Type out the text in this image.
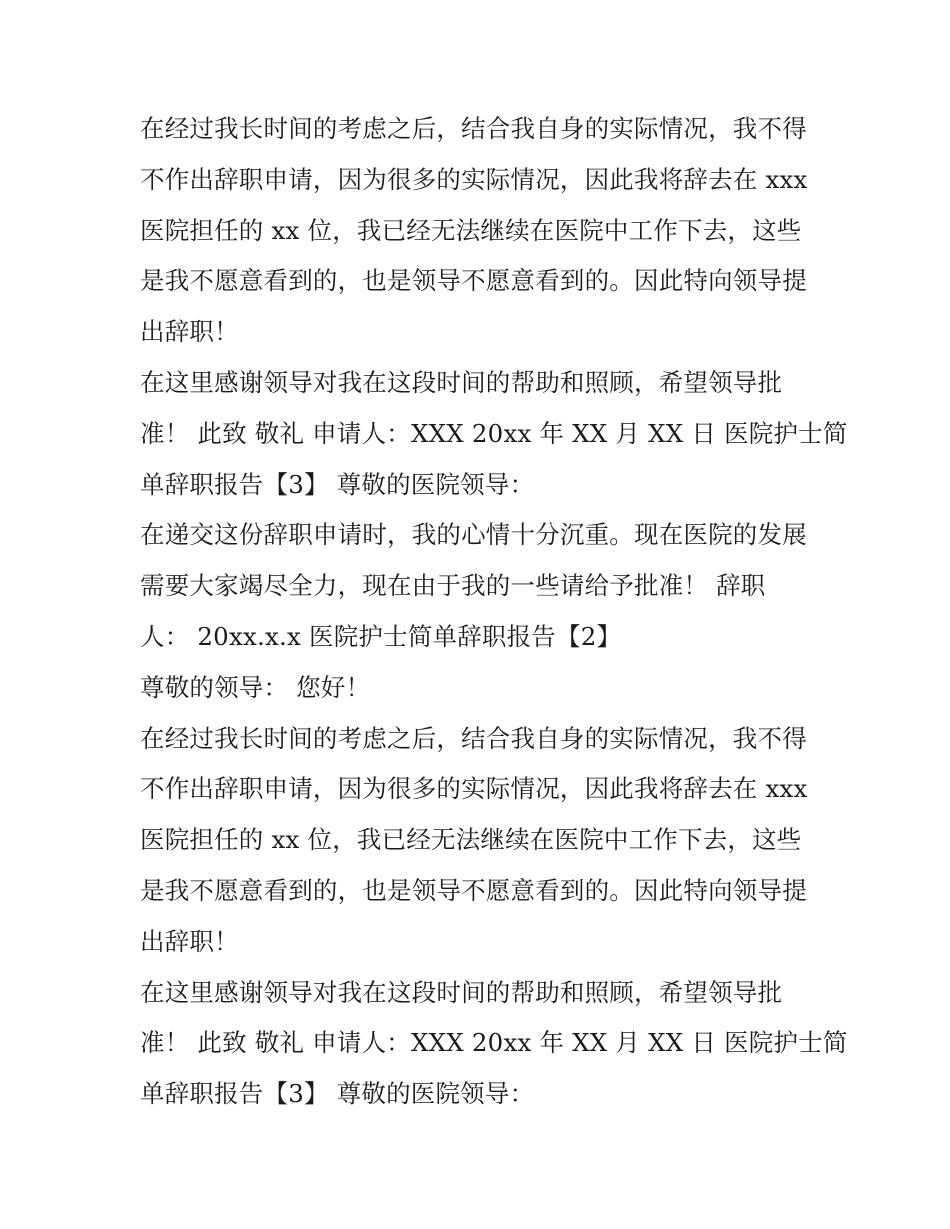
在经过我长时间的考虑之后，结合我自身的实际情况，我不得
不作出辞职申请，因为很多的实际情况，因此我将辞去在 xxx
医院担任的 xx 位，我已经无法继续在医院中工作下去，这些
是我不愿意看到的，也是领导不愿意看到的。因此特向领导提
出辞职！
在这里感谢领导对我在这段时间的帮助和照顾，希望领导批
准！ 此致 敬礼 申请人：XXX 20xx 年 XX 月 XX 日 医院护士简
单辞职报告【3】 尊敬的医院领导：
在递交这份辞职申请时，我的心情十分沉重。现在医院的发展
需要大家竭尽全力，现在由于我的一些请给予批准！ 辞职
人： 20xx.x.x 医院护士简单辞职报告【2】
尊敬的领导： 您好！
在经过我长时间的考虑之后，结合我自身的实际情况，我不得
不作出辞职申请，因为很多的实际情况，因此我将辞去在 xxx
医院担任的 xx 位，我已经无法继续在医院中工作下去，这些
是我不愿意看到的，也是领导不愿意看到的。因此特向领导提
出辞职！
在这里感谢领导对我在这段时间的帮助和照顾，希望领导批
准！ 此致 敬礼 申请人：XXX 20xx 年 XX 月 XX 日 医院护士简
单辞职报告【3】 尊敬的医院领导：
